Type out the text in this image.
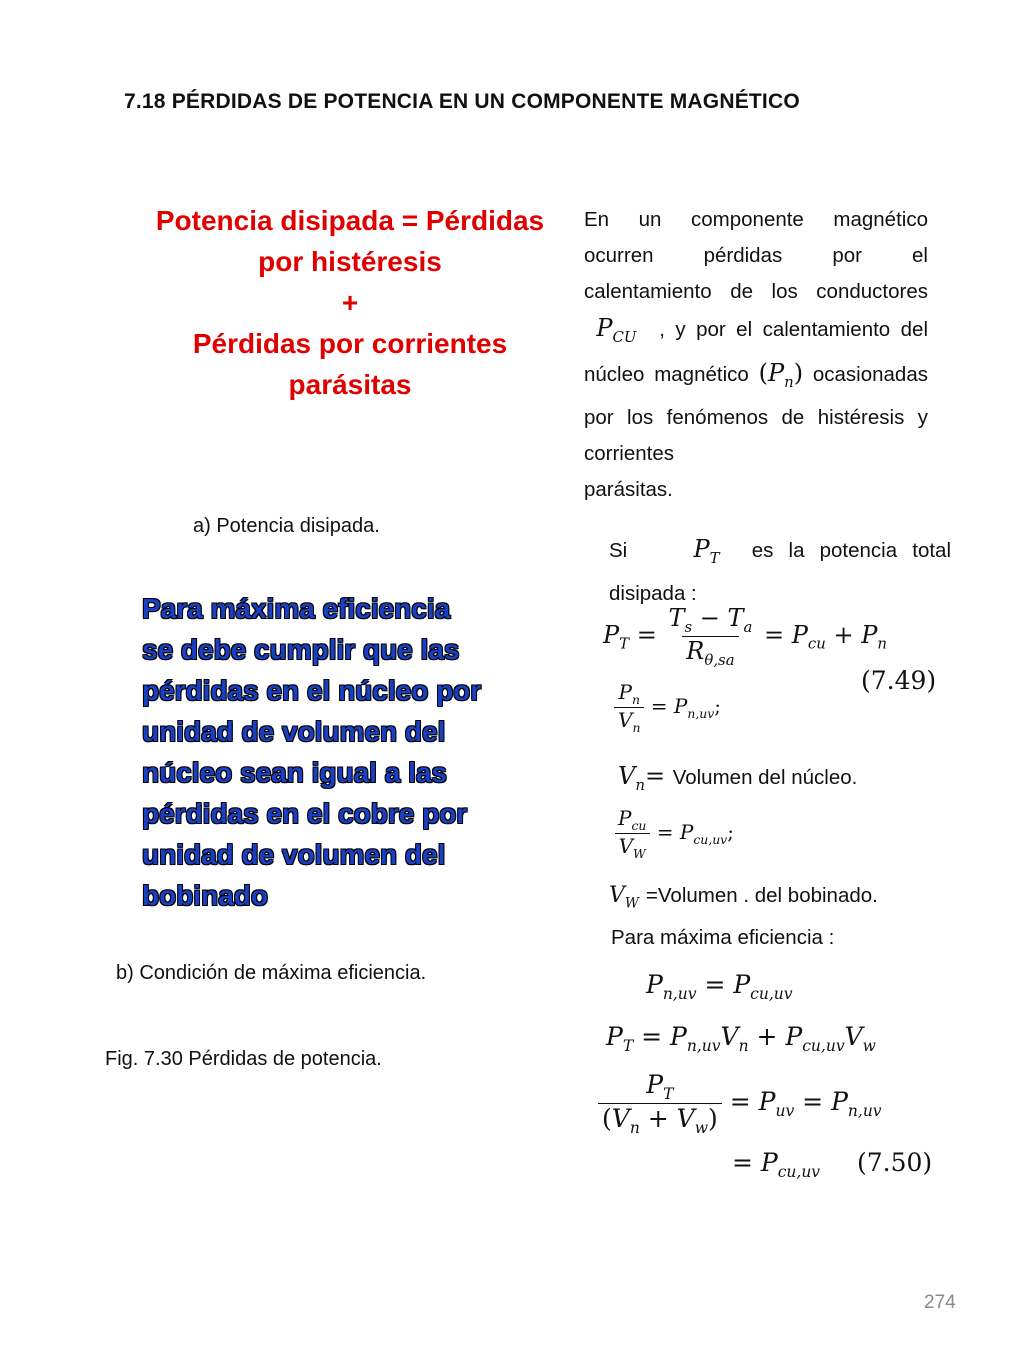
7.18 PÉRDIDAS DE POTENCIA EN UN COMPONENTE MAGNÉTICO
Potencia disipada = Pérdidas
por histéresis
+
Pérdidas por corrientes
parásitas
a) Potencia disipada.
Para máxima eficiencia
se debe cumplir que las
pérdidas en el núcleo por
unidad de volumen del
núcleo sean igual a las
pérdidas en el cobre por
unidad de volumen del
bobinado
b) Condición de máxima eficiencia.
Fig. 7.30 Pérdidas de potencia.
En un componente magnético ocurren pérdidas por el calentamiento de los conductores  $P_{CU}$ , y por el calentamiento del núcleo magnético $(P_n)$ ocasionadas por los fenómenos de histéresis y corrientes
parásitas.
Si    $P_T$ es la potencia total
disipada :
$P_T = \frac{T_s - T_a}{R_{\theta,sa}} = P_{cu} + P_n$
(7.49)
$\frac{P_n}{V_n} = P_{n,uv}$;
$V_n=$ Volumen del núcleo.
$\frac{P_{cu}}{V_W} = P_{cu,uv}$;
$V_W$ =Volumen . del bobinado.
Para máxima eficiencia :
$P_{n,uv} = P_{cu,uv}$
$P_T = P_{n,uv}V_n + P_{cu,uv}V_w$
$\frac{P_T}{(V_n + V_w)} = P_{uv} = P_{n,uv}$
= $P_{cu,uv}$ (7.50)
274
